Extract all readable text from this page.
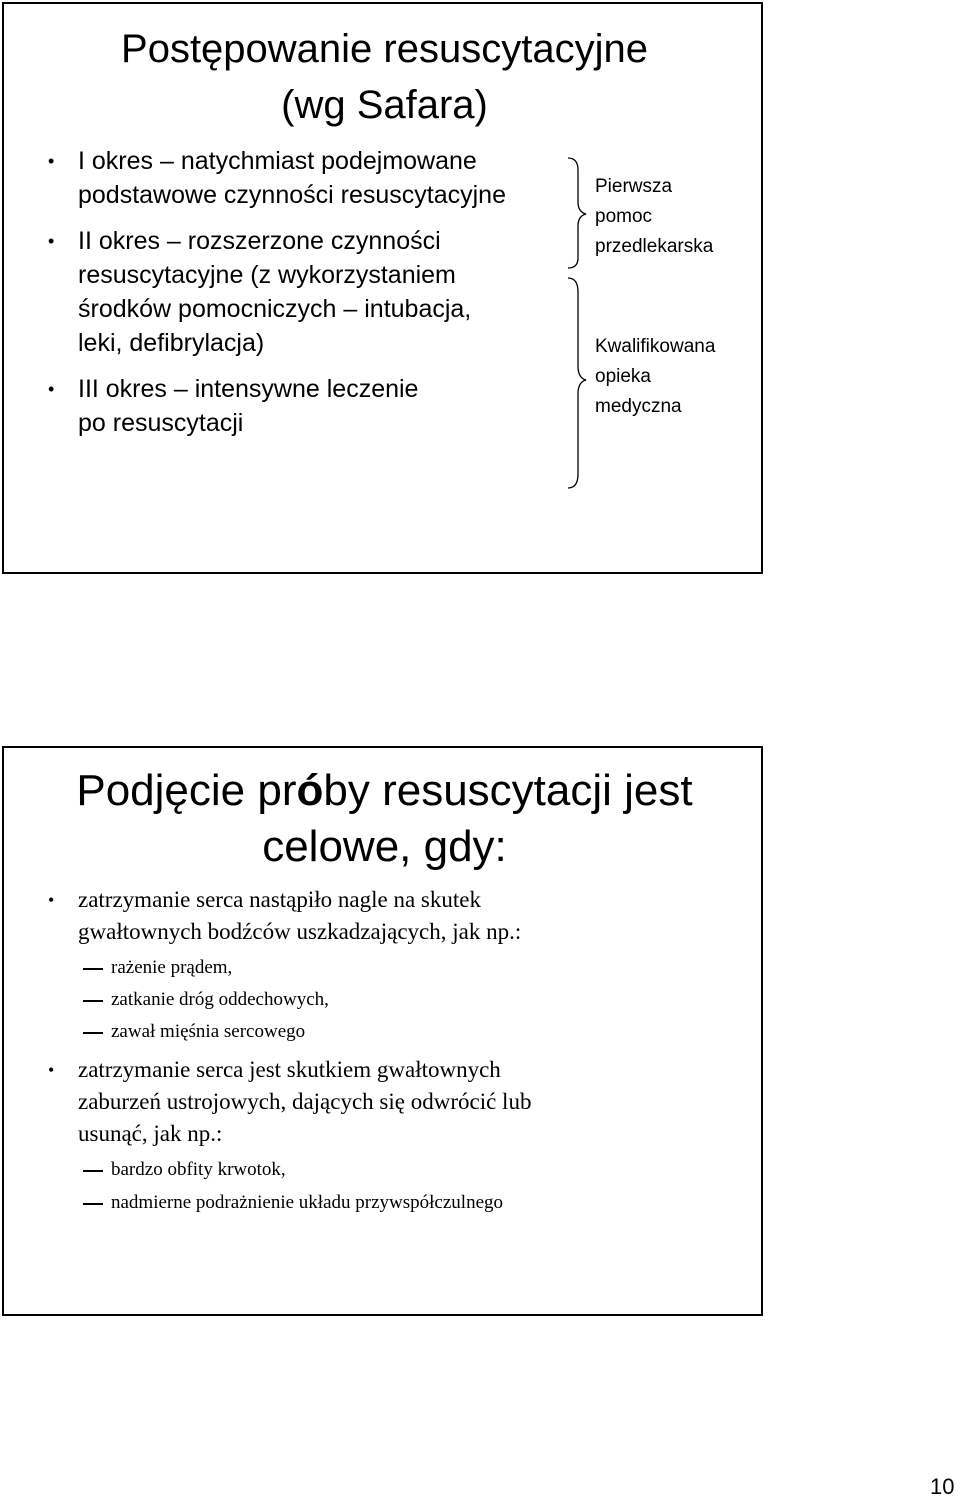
Postępowanie resuscytacyjne
(wg Safara)
• I okres – natychmiast podejmowane
podstawowe czynności resuscytacyjne
• II okres – rozszerzone czynności
resuscytacyjne (z wykorzystaniem
środków pomocniczych – intubacja,
leki, defibrylacja)
• III okres – intensywne leczenie
po resuscytacji
Pierwsza
pomoc
przedlekarska
Kwalifikowana
opieka
medyczna
Podjęcie próby resuscytacji jest
celowe, gdy:
• zatrzymanie serca nastąpiło nagle na skutek
gwałtownych bodźców uszkadzających, jak np.:
rażenie prądem,
zatkanie dróg oddechowych,
zawał mięśnia sercowego
• zatrzymanie serca jest skutkiem gwałtownych
zaburzeń ustrojowych, dających się odwrócić lub
usunąć, jak np.:
bardzo obfity krwotok,
nadmierne podrażnienie układu przywspółczulnego
10
